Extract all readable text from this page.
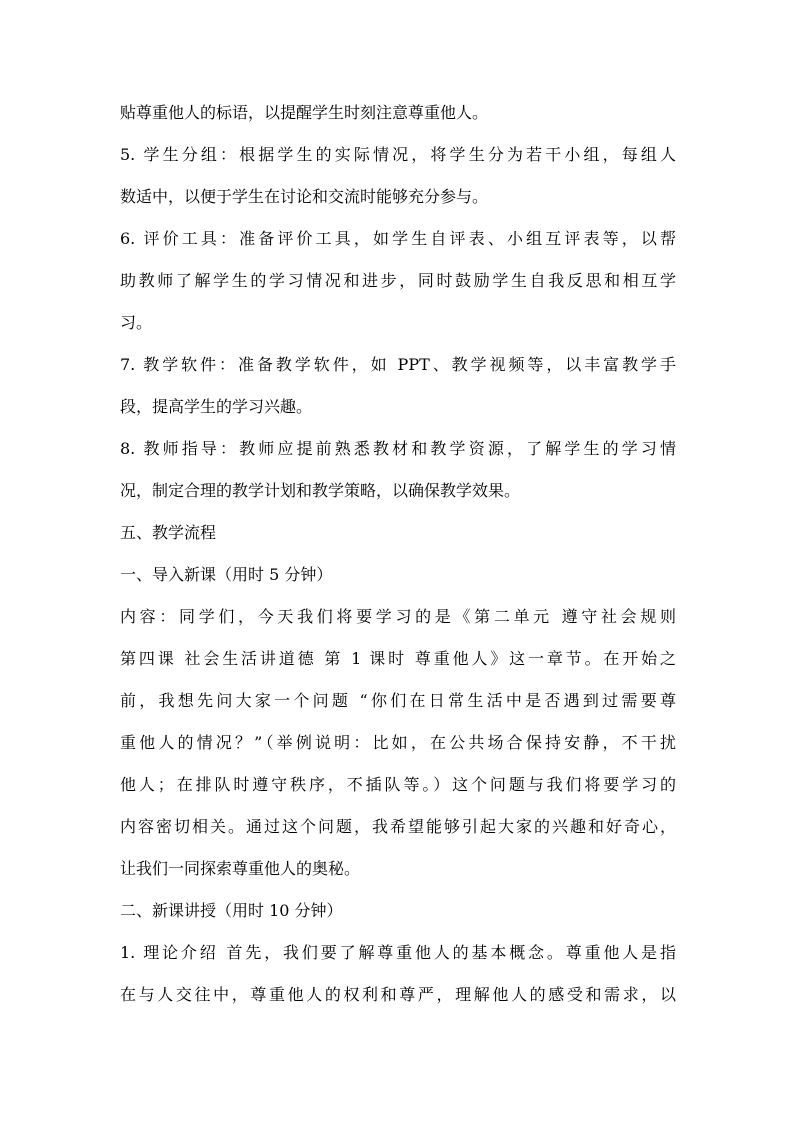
贴尊重他人的标语，以提醒学生时刻注意尊重他人。
5. 学生分组：根据学生的实际情况，将学生分为若干小组，每组人
数适中，以便于学生在讨论和交流时能够充分参与。
6. 评价工具：准备评价工具，如学生自评表、小组互评表等，以帮
助教师了解学生的学习情况和进步，同时鼓励学生自我反思和相互学
习。
7. 教学软件：准备教学软件，如 PPT、教学视频等，以丰富教学手
段，提高学生的学习兴趣。
8. 教师指导：教师应提前熟悉教材和教学资源，了解学生的学习情
况，制定合理的教学计划和教学策略，以确保教学效果。
五、教学流程
一、导入新课（用时 5 分钟）
内容：同学们，今天我们将要学习的是《第二单元 遵守社会规则
第四课 社会生活讲道德 第 1 课时 尊重他人》这一章节。在开始之
前，我想先问大家一个问题 “你们在日常生活中是否遇到过需要尊
重他人的情况？”（举例说明：比如，在公共场合保持安静，不干扰
他人；在排队时遵守秩序，不插队等。）这个问题与我们将要学习的
内容密切相关。通过这个问题，我希望能够引起大家的兴趣和好奇心，
让我们一同探索尊重他人的奥秘。
二、新课讲授（用时 10 分钟）
1. 理论介绍 首先，我们要了解尊重他人的基本概念。尊重他人是指
在与人交往中，尊重他人的权利和尊严，理解他人的感受和需求，以
